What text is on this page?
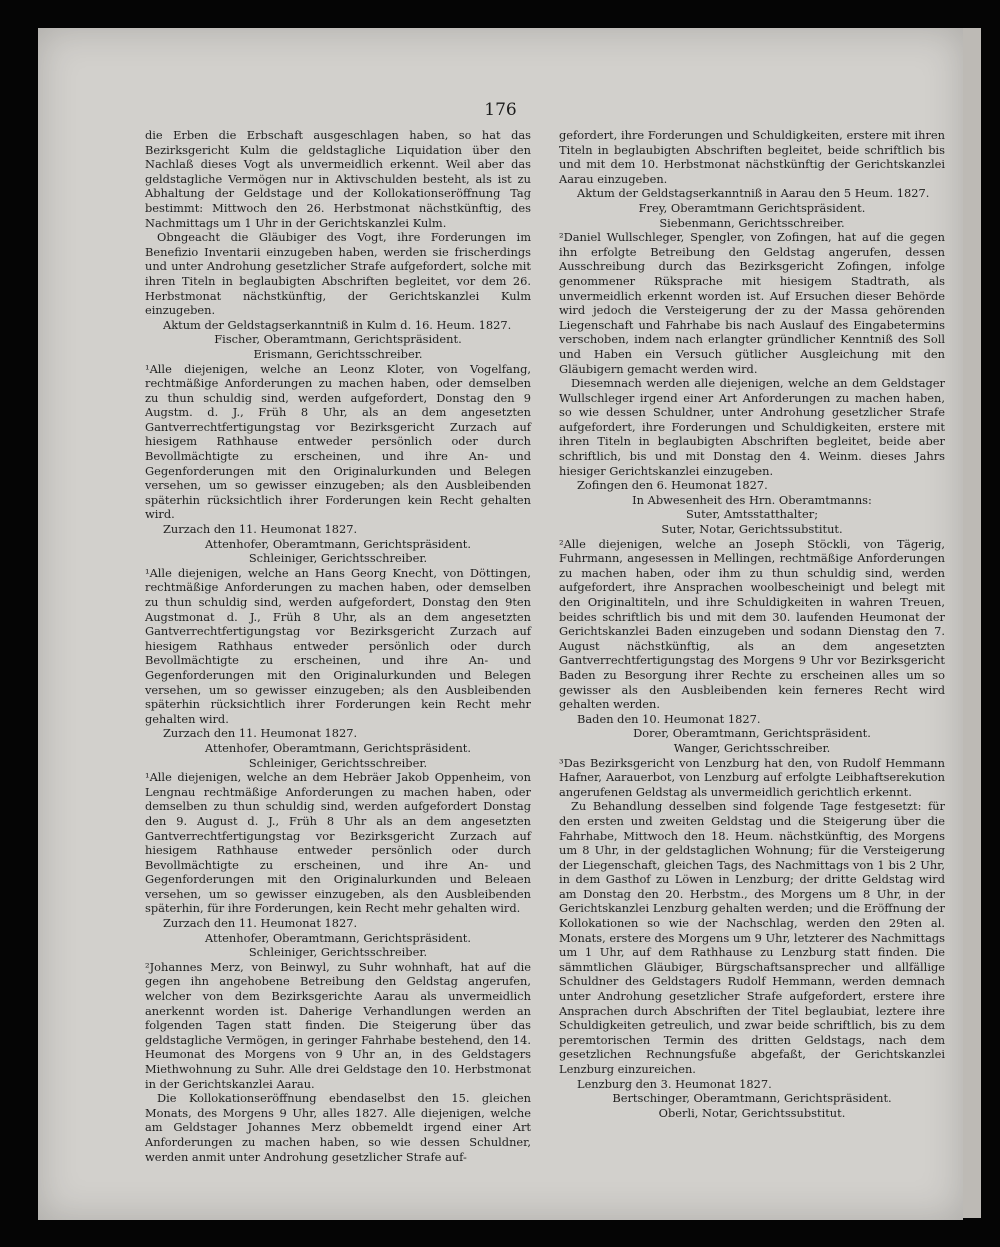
176

die Erben die Erbschaft ausgeschlagen haben, so hat das Bezirksgericht Kulm die geldstagliche Liquidation über den Nachlaß dieses Vogt als unvermeidlich erkennt. Weil aber das geldstagliche Vermögen nur in Aktivschulden besteht, als ist zu Abhaltung der Geldstage und der Kollokationseröffnung Tag bestimmt: Mittwoch den 26. Herbstmonat nächstkünftig, des Nachmittags um 1 Uhr in der Gerichtskanzlei Kulm.

Obngeacht die Gläubiger des Vogt, ihre Forderungen im Benefizio Inventarii einzugeben haben, werden sie frischerdings und unter Androhung gesetzlicher Strafe aufgefordert, solche mit ihren Titeln in beglaubigten Abschriften begleitet, vor dem 26. Herbstmonat nächstkünftig, der Gerichtskanzlei Kulm einzugeben.

Aktum der Geldstagserkanntniß in Kulm d. 16. Heum. 1827.

Fischer, Oberamtmann, Gerichtspräsident.

Erismann, Gerichtsschreiber.

¹Alle diejenigen, welche an Leonz Kloter, von Vogelfang, rechtmäßige Anforderungen zu machen haben, oder demselben zu thun schuldig sind, werden aufgefordert, Donstag den 9 Augstm. d. J., Früh 8 Uhr, als an dem angesetzten Gantverrechtfertigungstag vor Bezirksgericht Zurzach auf hiesigem Rathhause entweder persönlich oder durch Bevollmächtigte zu erscheinen, und ihre An- und Gegenforderungen mit den Originalurkunden und Belegen versehen, um so gewisser einzugeben; als den Ausbleibenden späterhin rücksichtlich ihrer Forderungen kein Recht gehalten wird.

Zurzach den 11. Heumonat 1827.

Attenhofer, Oberamtmann, Gerichtspräsident.

Schleiniger, Gerichtsschreiber.

¹Alle diejenigen, welche an Hans Georg Knecht, von Döttingen, rechtmäßige Anforderungen zu machen haben, oder demselben zu thun schuldig sind, werden aufgefordert, Donstag den 9ten Augstmonat d. J., Früh 8 Uhr, als an dem angesetzten Gantverrechtfertigungstag vor Bezirksgericht Zurzach auf hiesigem Rathhaus entweder persönlich oder durch Bevollmächtigte zu erscheinen, und ihre An- und Gegenforderungen mit den Originalurkunden und Belegen versehen, um so gewisser einzugeben; als den Ausbleibenden späterhin rücksichtlich ihrer Forderungen kein Recht mehr gehalten wird.

Zurzach den 11. Heumonat 1827.

Attenhofer, Oberamtmann, Gerichtspräsident.

Schleiniger, Gerichtsschreiber.

¹Alle diejenigen, welche an dem Hebräer Jakob Oppenheim, von Lengnau rechtmäßige Anforderungen zu machen haben, oder demselben zu thun schuldig sind, werden aufgefordert Donstag den 9. August d. J., Früh 8 Uhr als an dem angesetzten Gantverrechtfertigungstag vor Bezirksgericht Zurzach auf hiesigem Rathhause entweder persönlich oder durch Bevollmächtigte zu erscheinen, und ihre An- und Gegenforderungen mit den Originalurkunden und Beleaen versehen, um so gewisser einzugeben, als den Ausbleibenden späterhin, für ihre Forderungen, kein Recht mehr gehalten wird.

Zurzach den 11. Heumonat 1827.

Attenhofer, Oberamtmann, Gerichtspräsident.

Schleiniger, Gerichtsschreiber.

²Johannes Merz, von Beinwyl, zu Suhr wohnhaft, hat auf die gegen ihn angehobene Betreibung den Geldstag angerufen, welcher von dem Bezirksgerichte Aarau als unvermeidlich anerkennt worden ist. Daherige Verhandlungen werden an folgenden Tagen statt finden. Die Steigerung über das geldstagliche Vermögen, in geringer Fahrhabe bestehend, den 14. Heumonat des Morgens von 9 Uhr an, in des Geldstagers Miethwohnung zu Suhr. Alle drei Geldstage den 10. Herbstmonat in der Gerichtskanzlei Aarau.

Die Kollokationseröffnung ebendaselbst den 15. gleichen Monats, des Morgens 9 Uhr, alles 1827. Alle diejenigen, welche am Geldstager Johannes Merz obbemeldt irgend einer Art Anforderungen zu machen haben, so wie dessen Schuldner, werden anmit unter Androhung gesetzlicher Strafe auf-

gefordert, ihre Forderungen und Schuldigkeiten, erstere mit ihren Titeln in beglaubigten Abschriften begleitet, beide schriftlich bis und mit dem 10. Herbstmonat nächstkünftig der Gerichtskanzlei Aarau einzugeben.

Aktum der Geldstagserkanntniß in Aarau den 5 Heum. 1827.

Frey, Oberamtmann Gerichtspräsident.

Siebenmann, Gerichtsschreiber.

²Daniel Wullschleger, Spengler, von Zofingen, hat auf die gegen ihn erfolgte Betreibung den Geldstag angerufen, dessen Ausschreibung durch das Bezirksgericht Zofingen, infolge genommener Rüksprache mit hiesigem Stadtrath, als unvermeidlich erkennt worden ist. Auf Ersuchen dieser Behörde wird jedoch die Versteigerung der zu der Massa gehörenden Liegenschaft und Fahrhabe bis nach Auslauf des Eingabetermins verschoben, indem nach erlangter gründlicher Kenntniß des Soll und Haben ein Versuch gütlicher Ausgleichung mit den Gläubigern gemacht werden wird.

Diesemnach werden alle diejenigen, welche an dem Geldstager Wullschleger irgend einer Art Anforderungen zu machen haben, so wie dessen Schuldner, unter Androhung gesetzlicher Strafe aufgefordert, ihre Forderungen und Schuldigkeiten, erstere mit ihren Titeln in beglaubigten Abschriften begleitet, beide aber schriftlich, bis und mit Donstag den 4. Weinm. dieses Jahrs hiesiger Gerichtskanzlei einzugeben.

Zofingen den 6. Heumonat 1827.

In Abwesenheit des Hrn. Oberamtmanns:

Suter, Amtsstatthalter;

Suter, Notar, Gerichtssubstitut.

²Alle diejenigen, welche an Joseph Stöckli, von Tägerig, Fuhrmann, angesessen in Mellingen, rechtmäßige Anforderungen zu machen haben, oder ihm zu thun schuldig sind, werden aufgefordert, ihre Ansprachen woolbescheinigt und belegt mit den Originaltiteln, und ihre Schuldigkeiten in wahren Treuen, beides schriftlich bis und mit dem 30. laufenden Heumonat der Gerichtskanzlei Baden einzugeben und sodann Dienstag den 7. August nächstkünftig, als an dem angesetzten Gantverrechtfertigungstag des Morgens 9 Uhr vor Bezirksgericht Baden zu Besorgung ihrer Rechte zu erscheinen alles um so gewisser als den Ausbleibenden kein ferneres Recht wird gehalten werden.

Baden den 10. Heumonat 1827.

Dorer, Oberamtmann, Gerichtspräsident.

Wanger, Gerichtsschreiber.

³Das Bezirksgericht von Lenzburg hat den, von Rudolf Hemmann Hafner, Aarauerbot, von Lenzburg auf erfolgte Leibhaftserekution angerufenen Geldstag als unvermeidlich gerichtlich erkennt.

Zu Behandlung desselben sind folgende Tage festgesetzt: für den ersten und zweiten Geldstag und die Steigerung über die Fahrhabe, Mittwoch den 18. Heum. nächstkünftig, des Morgens um 8 Uhr, in der geldstaglichen Wohnung; für die Versteigerung der Liegenschaft, gleichen Tags, des Nachmittags von 1 bis 2 Uhr, in dem Gasthof zu Löwen in Lenzburg; der dritte Geldstag wird am Donstag den 20. Herbstm., des Morgens um 8 Uhr, in der Gerichtskanzlei Lenzburg gehalten werden; und die Eröffnung der Kollokationen so wie der Nachschlag, werden den 29ten al. Monats, erstere des Morgens um 9 Uhr, letzterer des Nachmittags um 1 Uhr, auf dem Rathhause zu Lenzburg statt finden. Die sämmtlichen Gläubiger, Bürgschaftsansprecher und allfällige Schuldner des Geldstagers Rudolf Hemmann, werden demnach unter Androhung gesetzlicher Strafe aufgefordert, erstere ihre Ansprachen durch Abschriften der Titel beglaubiat, leztere ihre Schuldigkeiten getreulich, und zwar beide schriftlich, bis zu dem peremtorischen Termin des dritten Geldstags, nach dem gesetzlichen Rechnungsfuße abgefaßt, der Gerichtskanzlei Lenzburg einzureichen.

Lenzburg den 3. Heumonat 1827.

Bertschinger, Oberamtmann, Gerichtspräsident.

Oberli, Notar, Gerichtssubstitut.
